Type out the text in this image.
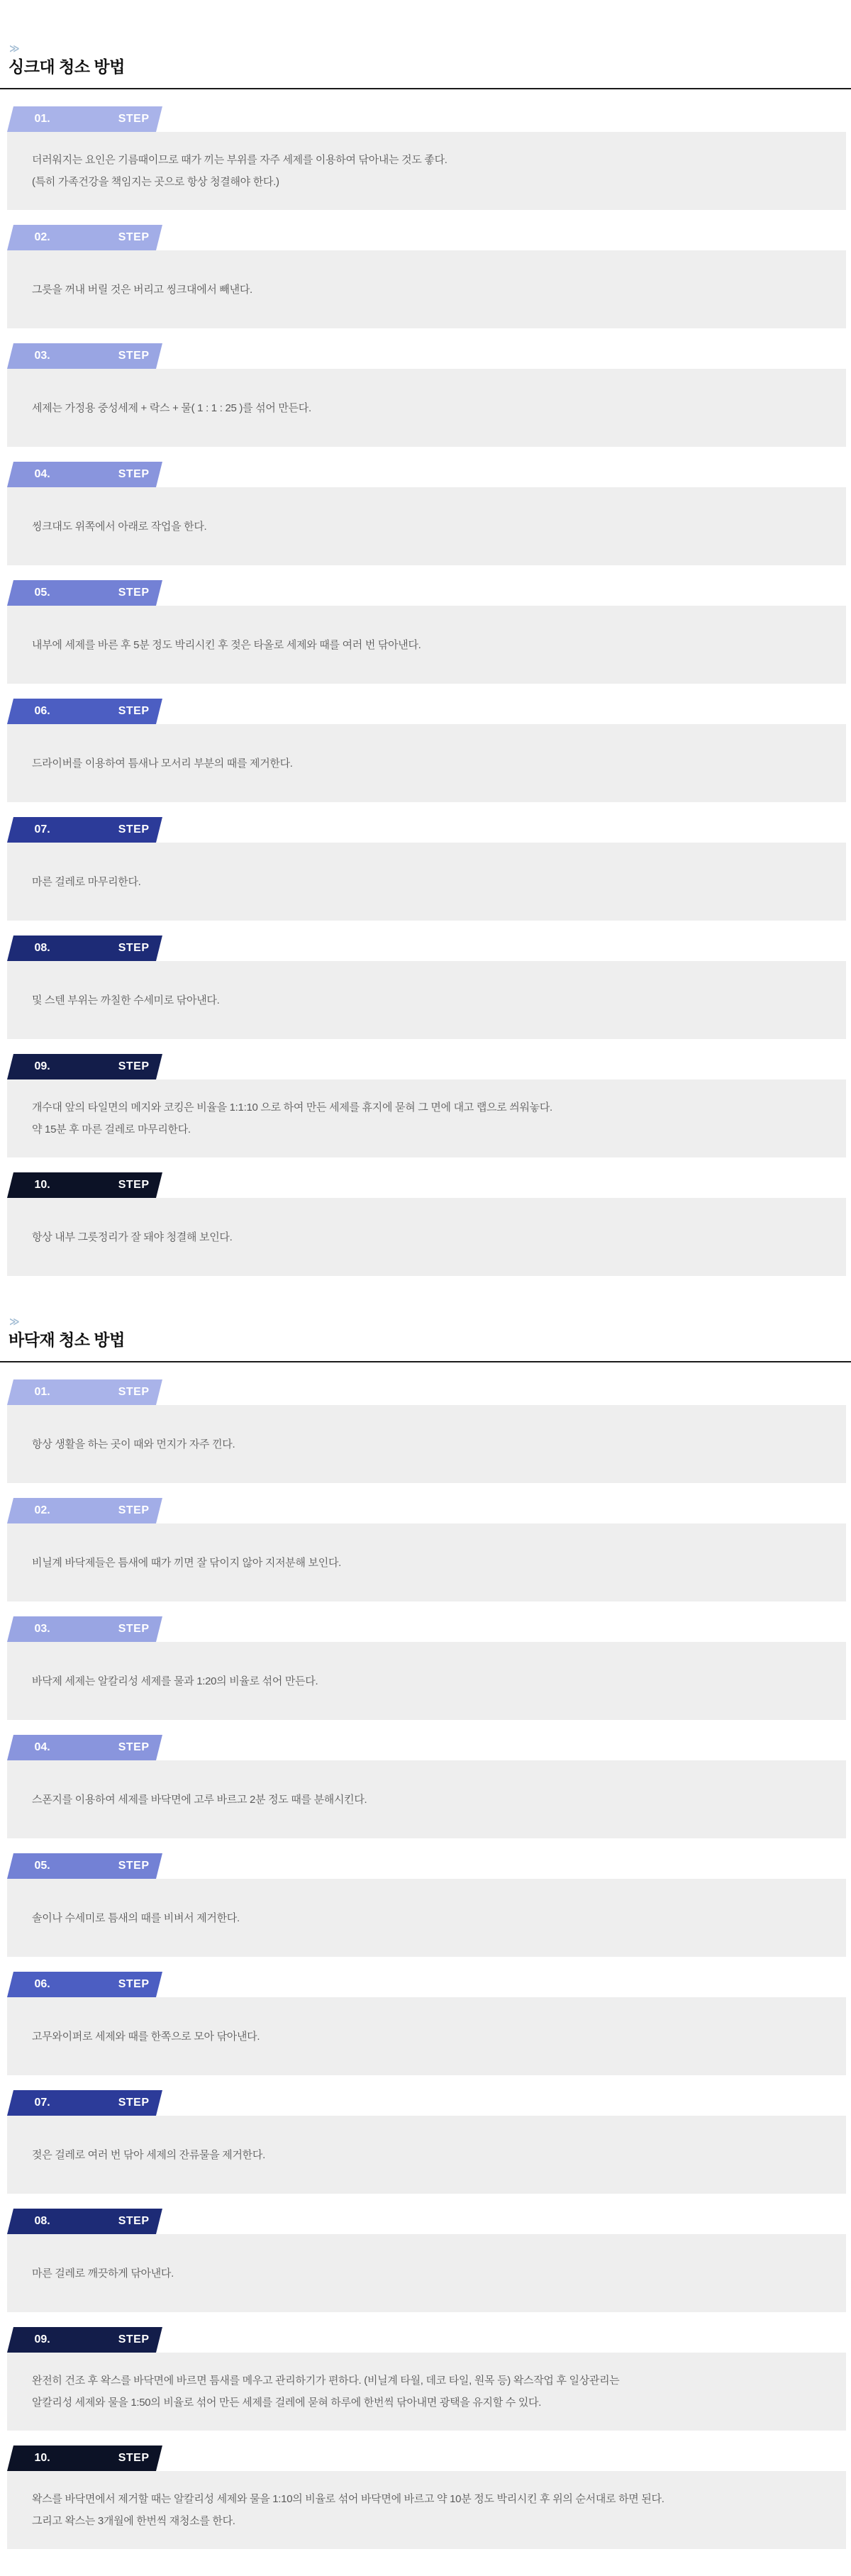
≫
싱크대 청소 방법
01.	STEP

더러워지는 요인은 기름때이므로 때가 끼는 부위를 자주 세제를 이용하여 닦아내는 것도 좋다.

(특히 가족건강을 책임지는 곳으로 항상 청결해야 한다.)

02.	STEP

그릇을 꺼내 버릴 것은 버리고 씽크대에서 빼낸다.

03.	STEP

세제는 가정용 중성세제 + 락스 + 물( 1 : 1 : 25 )를 섞어 만든다.

04.	STEP

씽크대도 위쪽에서 아래로 작업을 한다.

05.	STEP

내부에 세제를 바른 후 5분 정도 박리시킨 후 젖은 타올로 세제와 때를 여러 번 닦아낸다.

06.	STEP

드라이버를 이용하여 틈새나 모서리 부분의 때를 제거한다.

07.	STEP

마른 걸레로 마무리한다.

08.	STEP

및 스텐 부위는 까칠한 수세미로 닦아낸다.

09.	STEP

개수대 앞의 타일면의 메지와 코킹은 비율을 1:1:10 으로 하여 만든 세제를 휴지에 묻혀 그 면에 대고 랩으로 씌워놓다.

약 15분 후 마른 걸레로 마무리한다.

10.	STEP

항상 내부 그릇정리가 잘 돼야 청결해 보인다.

≫
바닥재 청소 방법
01.	STEP

항상 생활을 하는 곳이 때와 먼지가 자주 낀다.

02.	STEP

비닐계 바닥제들은 틈새에 때가 끼면 잘 닦이지 않아 지저분해 보인다.

03.	STEP

바닥제 세제는 알칼리성 세제를 물과 1:20의 비율로 섞어 만든다.

04.	STEP

스폰지를 이용하여 세제를 바닥면에 고루 바르고 2분 정도 때를 분해시킨다.

05.	STEP

솔이나 수세미로 틈새의 때를 비벼서 제거한다.

06.	STEP

고무와이퍼로 세제와 때를 한쪽으로 모아 닦아낸다.

07.	STEP

젖은 걸레로 여러 번 닦아 세제의 잔류물을 제거한다.

08.	STEP

마른 걸레로 깨끗하게 닦아낸다.

09.	STEP

완전히 건조 후 왁스를 바닥면에 바르면 틈새를 메우고 관리하기가 편하다. (비닐계 타월, 데코 타일, 원목 등) 왁스작업 후 일상관리는

알칼리성 세제와 물을 1:50의 비율로 섞어 만든 세제를 걸레에 묻혀 하루에 한번씩 닦아내면 광택을 유지할 수 있다.

10.	STEP

왁스를 바닥면에서 제거할 때는 알칼리성 세제와 물을 1:10의 비율로 섞어 바닥면에 바르고 약 10분 정도 박리시킨 후 위의 순서대로 하면 된다.

그리고 왁스는 3개월에 한번씩 재청소를 한다.
